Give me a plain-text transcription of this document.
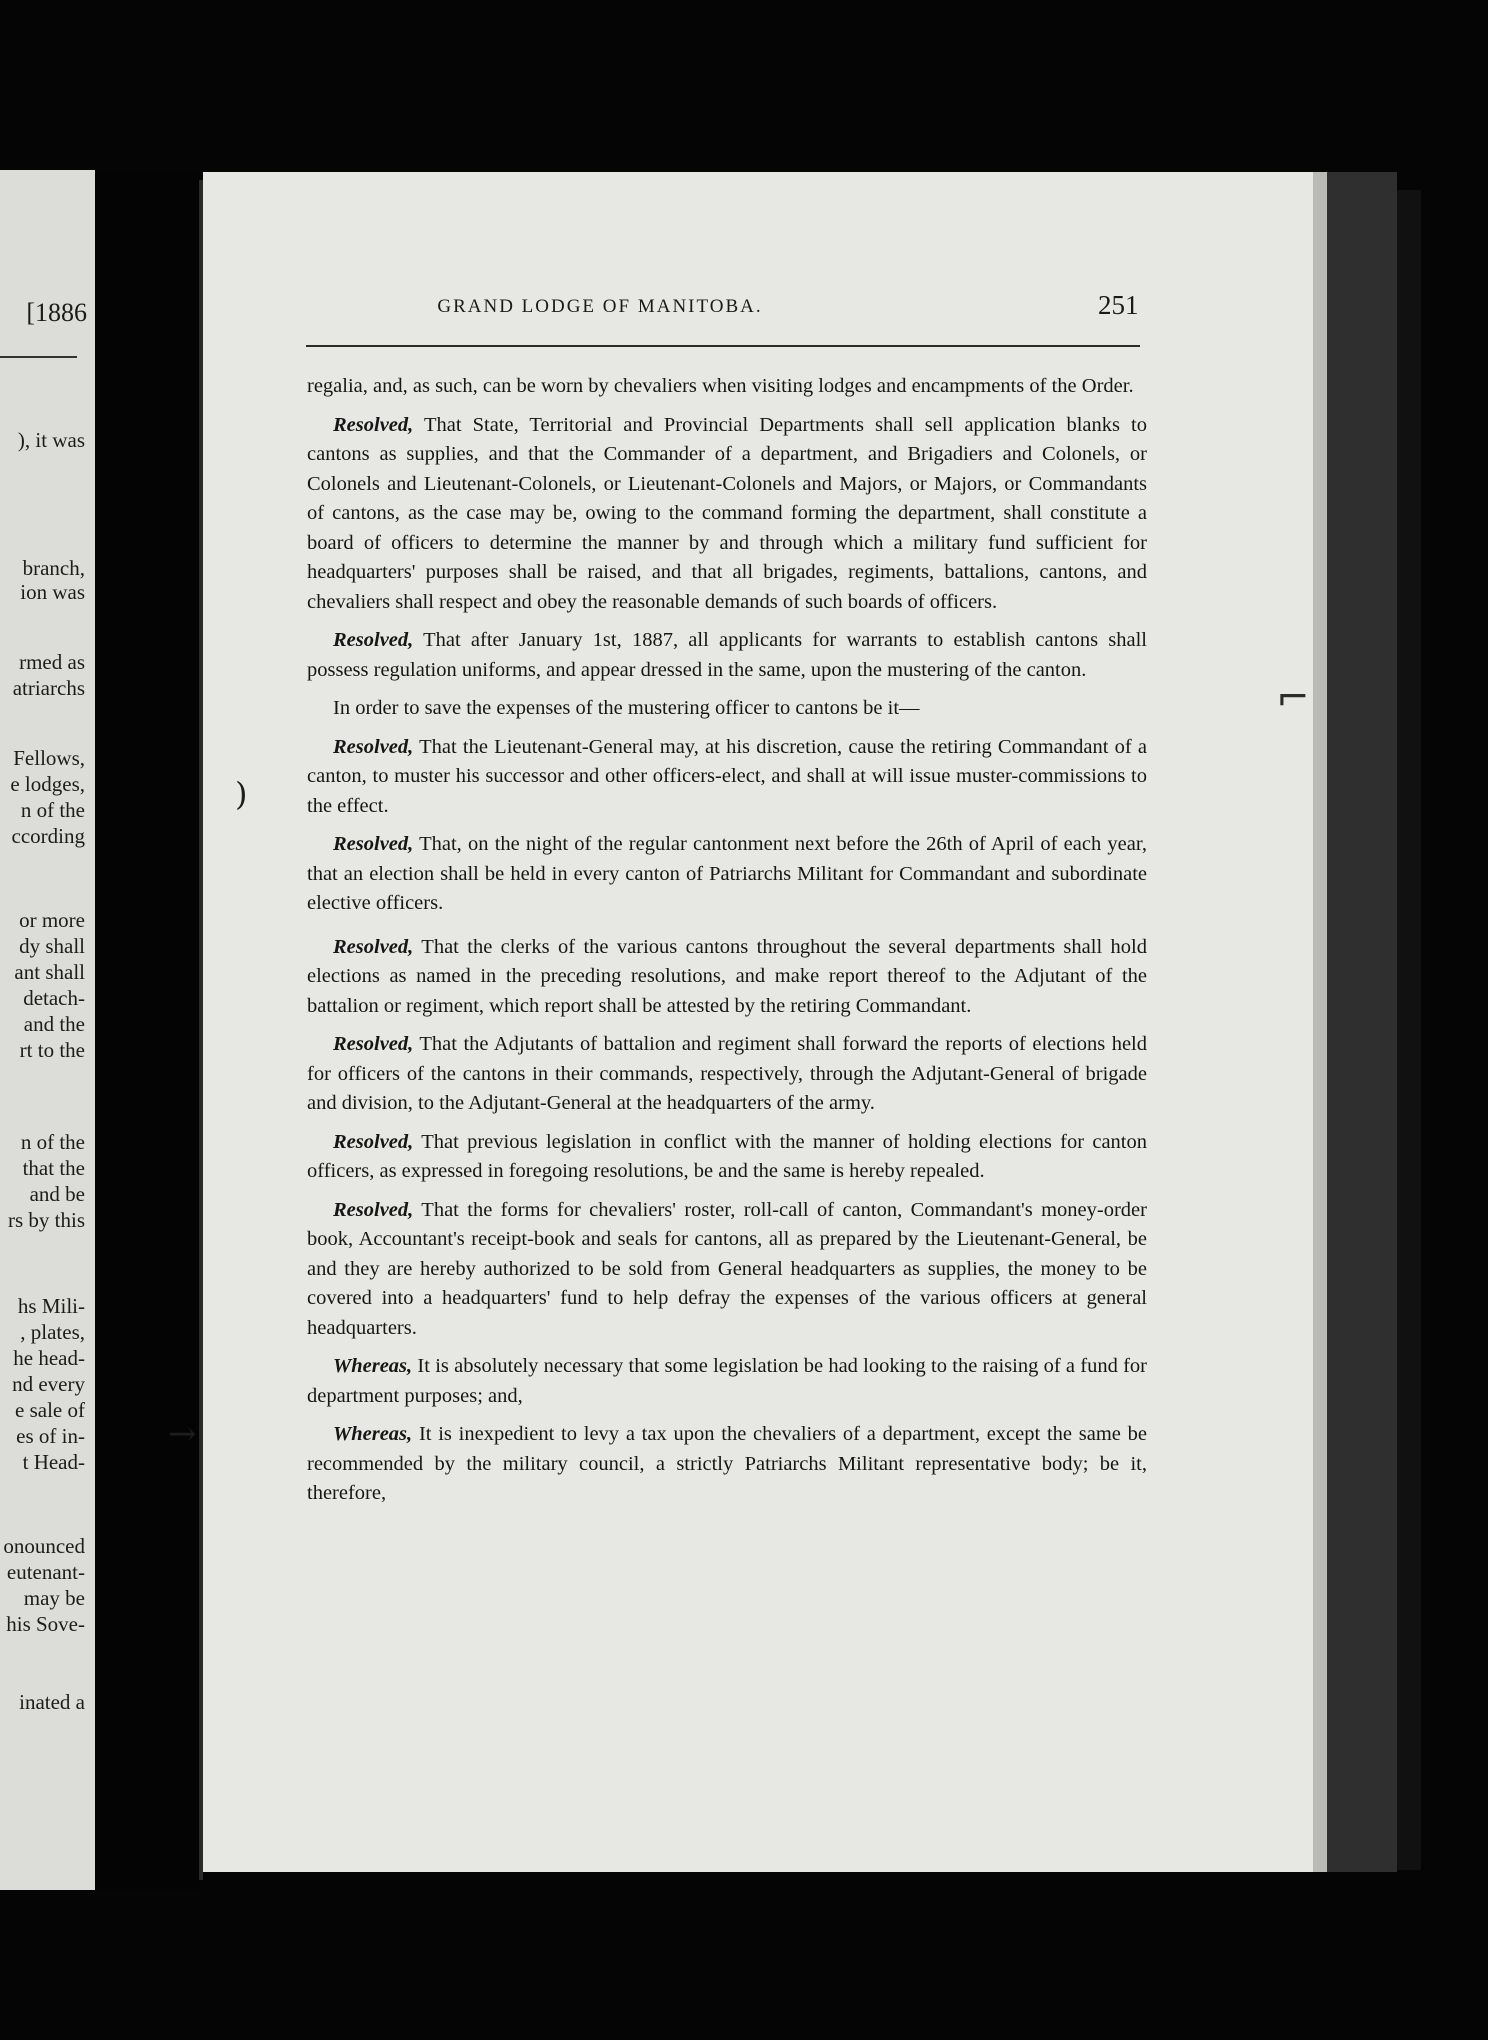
[1886
), it was
branch,
ion was
rmed as
atriarchs
Fellows,
e lodges,
n of the
ccording
or more
dy shall
ant shall
detach-
and the
rt to the
n of the
that the
and be
rs by this
hs Mili-
, plates,
he head-
nd every
e sale of
es of in-
t Head-
onounced
eutenant-
may be
his Sove-
inated a
GRAND LODGE OF MANITOBA.	251

regalia, and, as such, can be worn by chevaliers when visiting lodges and encampments of the Order.

Resolved, That State, Territorial and Provincial Departments shall sell application blanks to cantons as supplies, and that the Commander of a department, and Brigadiers and Colonels, or Colonels and Lieutenant-Colonels, or Lieutenant-Colonels and Majors, or Majors, or Commandants of cantons, as the case may be, owing to the command forming the department, shall constitute a board of officers to determine the manner by and through which a military fund sufficient for headquarters' purposes shall be raised, and that all brigades, regiments, battalions, cantons, and chevaliers shall respect and obey the reasonable demands of such boards of officers.

Resolved, That after January 1st, 1887, all applicants for warrants to establish cantons shall possess regulation uniforms, and appear dressed in the same, upon the mustering of the canton.

In order to save the expenses of the mustering officer to cantons be it—

Resolved, That the Lieutenant-General may, at his discretion, cause the retiring Commandant of a canton, to muster his successor and other officers-elect, and shall at will issue muster-commissions to the effect.

Resolved, That, on the night of the regular cantonment next before the 26th of April of each year, that an election shall be held in every canton of Patriarchs Militant for Commandant and subordinate elective officers.

Resolved, That the clerks of the various cantons throughout the several departments shall hold elections as named in the preceding resolutions, and make report thereof to the Adjutant of the battalion or regiment, which report shall be attested by the retiring Commandant.

Resolved, That the Adjutants of battalion and regiment shall forward the reports of elections held for officers of the cantons in their commands, respectively, through the Adjutant-General of brigade and division, to the Adjutant-General at the headquarters of the army.

Resolved, That previous legislation in conflict with the manner of holding elections for canton officers, as expressed in foregoing resolutions, be and the same is hereby repealed.

Resolved, That the forms for chevaliers' roster, roll-call of canton, Commandant's money-order book, Accountant's receipt-book and seals for cantons, all as prepared by the Lieutenant-General, be and they are hereby authorized to be sold from General headquarters as supplies, the money to be covered into a headquarters' fund to help defray the expenses of the various officers at general headquarters.

Whereas, It is absolutely necessary that some legislation be had looking to the raising of a fund for department purposes; and,

Whereas, It is inexpedient to levy a tax upon the chevaliers of a department, except the same be recommended by the military council, a strictly Patriarchs Militant representative body; be it, therefore,

⌐
)
→
